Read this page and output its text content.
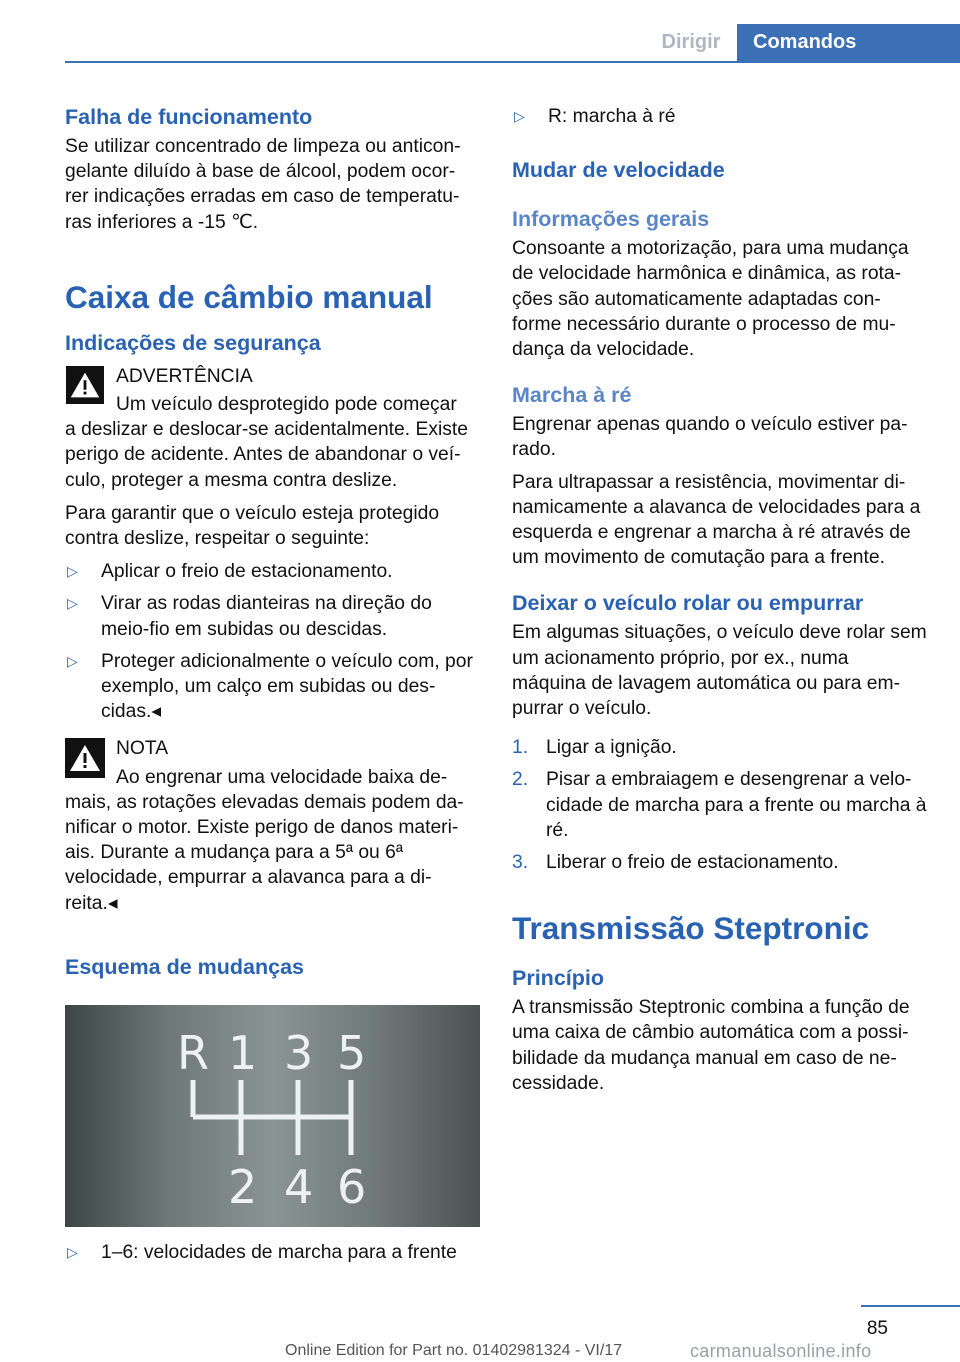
Dirigir	Comandos
Falha de funcionamento

Se utilizar concentrado de limpeza ou anticon-gelante diluído à base de álcool, podem ocor-rer indicações erradas em caso de temperatu-ras inferiores a -15 ℃.

Caixa de câmbio manual
Indicações de segurança
ADVERTÊNCIA
Um veículo desprotegido pode começar
a deslizar e deslocar-se acidentalmente. Existe perigo de acidente. Antes de abandonar o veí-culo, proteger a mesma contra deslize.

Para garantir que o veículo esteja protegido contra deslize, respeitar o seguinte:

▷	Aplicar o freio de estacionamento.
▷	Virar as rodas dianteiras na direção do meio-fio em subidas ou descidas.
▷	Proteger adicionalmente o veículo com, por exemplo, um calço em subidas ou des-cidas.◂
NOTA
Ao engrenar uma velocidade baixa de-
mais, as rotações elevadas demais podem da-nificar o motor. Existe perigo de danos materi-ais. Durante a mudança para a 5ª ou 6ª velocidade, empurrar a alavanca para a di-reita.◂
Esquema de mudanças
R 1 3 5
2 4 6
▷	1–6: velocidades de marcha para a frente
▷	R: marcha à ré
Mudar de velocidade
Informações gerais

Consoante a motorização, para uma mudança de velocidade harmônica e dinâmica, as rota-ções são automaticamente adaptadas con-forme necessário durante o processo de mu-dança da velocidade.

Marcha à ré

Engrenar apenas quando o veículo estiver pa-rado.

Para ultrapassar a resistência, movimentar di-namicamente a alavanca de velocidades para a esquerda e engrenar a marcha à ré através de um movimento de comutação para a frente.

Deixar o veículo rolar ou empurrar

Em algumas situações, o veículo deve rolar sem um acionamento próprio, por ex., numa máquina de lavagem automática ou para em-purrar o veículo.

1. Ligar a ignição.
2. Pisar a embraiagem e desengrenar a velo-cidade de marcha para a frente ou marcha à ré.
3. Liberar o freio de estacionamento.
Transmissão Steptronic
Princípio

A transmissão Steptronic combina a função de uma caixa de câmbio automática com a possi-bilidade da mudança manual em caso de ne-cessidade.

85
Online Edition for Part no. 01402981324 - VI/17	carmanualsonline.info
